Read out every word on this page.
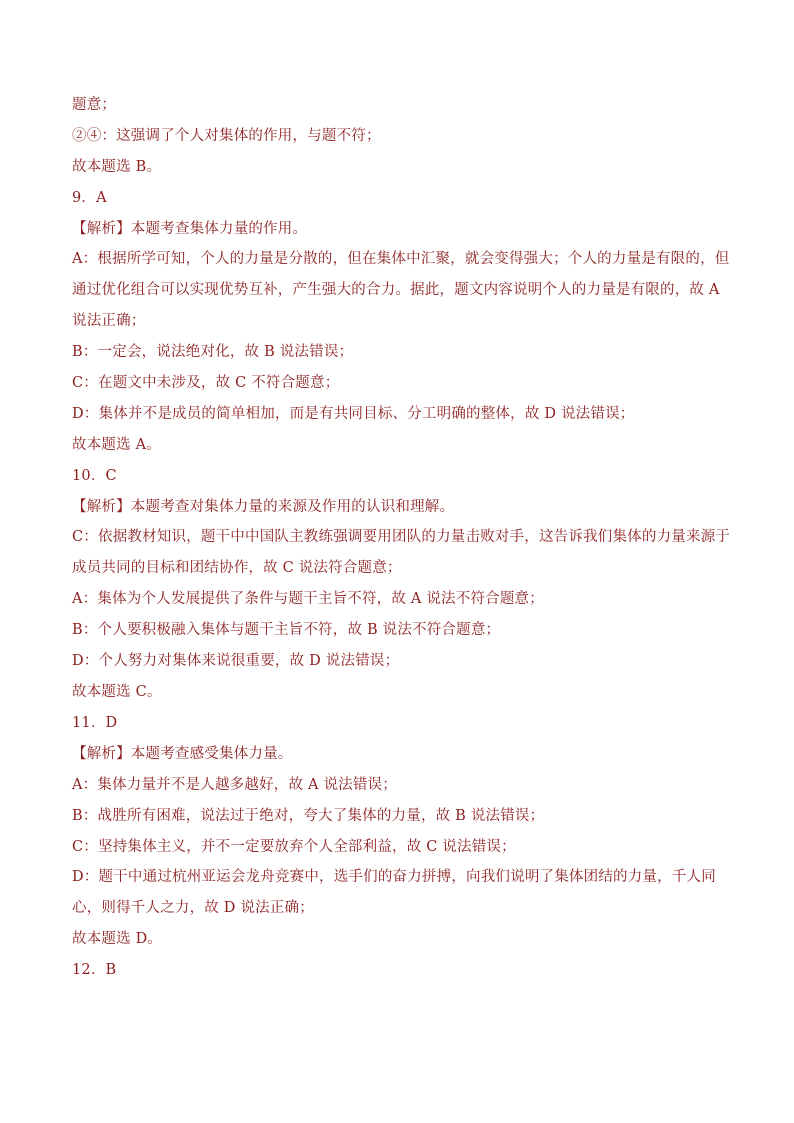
题意；
②④：这强调了个人对集体的作用，与题不符；
故本题选 B。
9．A
【解析】本题考查集体力量的作用。
A：根据所学可知，个人的力量是分散的，但在集体中汇聚，就会变得强大；个人的力量是有限的，但通过优化组合可以实现优势互补，产生强大的合力。据此，题文内容说明个人的力量是有限的，故 A 说法正确；
B：一定会，说法绝对化，故 B 说法错误；
C：在题文中未涉及，故 C 不符合题意；
D：集体并不是成员的简单相加，而是有共同目标、分工明确的整体，故 D 说法错误；
故本题选 A。
10．C
【解析】本题考查对集体力量的来源及作用的认识和理解。
C：依据教材知识，题干中中国队主教练强调要用团队的力量击败对手，这告诉我们集体的力量来源于成员共同的目标和团结协作，故 C 说法符合题意；
A：集体为个人发展提供了条件与题干主旨不符，故 A 说法不符合题意；
B：个人要积极融入集体与题干主旨不符，故 B 说法不符合题意；
D：个人努力对集体来说很重要，故 D 说法错误；
故本题选 C。
11．D
【解析】本题考查感受集体力量。
A：集体力量并不是人越多越好，故 A 说法错误；
B：战胜所有困难，说法过于绝对，夸大了集体的力量，故 B 说法错误；
C：坚持集体主义，并不一定要放弃个人全部利益，故 C 说法错误；
D：题干中通过杭州亚运会龙舟竞赛中，选手们的奋力拼搏，向我们说明了集体团结的力量，千人同心，则得千人之力，故 D 说法正确；
故本题选 D。
12．B
